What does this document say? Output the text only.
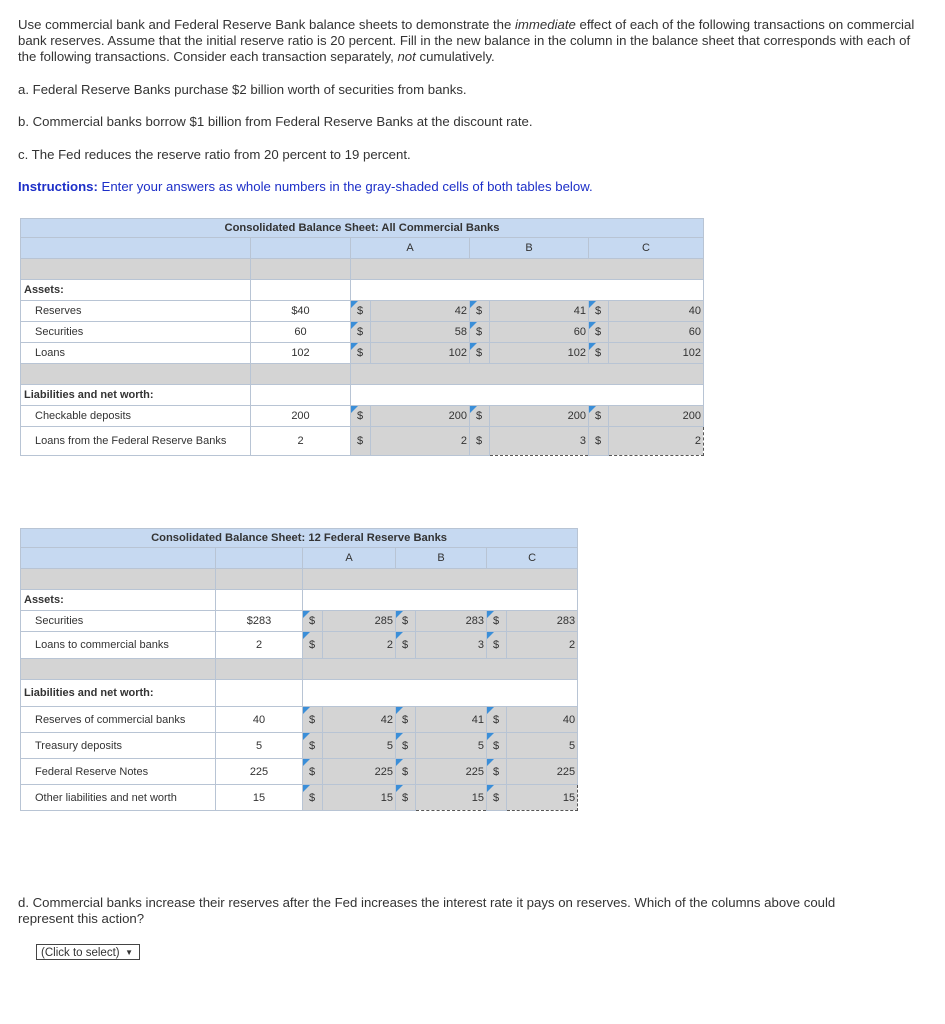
Use commercial bank and Federal Reserve Bank balance sheets to demonstrate the immediate effect of each of the following transactions on commercial bank reserves. Assume that the initial reserve ratio is 20 percent. Fill in the new balance in the column in the balance sheet that corresponds with each of the following transactions. Consider each transaction separately, not cumulatively.
a. Federal Reserve Banks purchase $2 billion worth of securities from banks.
b. Commercial banks borrow $1 billion from Federal Reserve Banks at the discount rate.
c. The Fed reduces the reserve ratio from 20 percent to 19 percent.
Instructions: Enter your answers as whole numbers in the gray-shaded cells of both tables below.
Consolidated Balance Sheet: All Commercial Banks							
		A		B		C	

Assets:							
Reserves	$40	$	42	$	41	$	40
Securities	60	$	58	$	60	$	60
Loans	102	$	102	$	102	$	102

Liabilities and net worth:							
Checkable deposits	200	$	200	$	200	$	200
Loans from the Federal Reserve Banks	2	$	2	$	3	$	2
Consolidated Balance Sheet: 12 Federal Reserve Banks							
		A		B		C	

Assets:							
Securities	$283	$	285	$	283	$	283
Loans to commercial banks	2	$	2	$	3	$	2

Liabilities and net worth:							
Reserves of commercial banks	40	$	42	$	41	$	40
Treasury deposits	5	$	5	$	5	$	5
Federal Reserve Notes	225	$	225	$	225	$	225
Other liabilities and net worth	15	$	15	$	15	$	15
d. Commercial banks increase their reserves after the Fed increases the interest rate it pays on reserves. Which of the columns above could represent this action?
(Click to select) ▼
